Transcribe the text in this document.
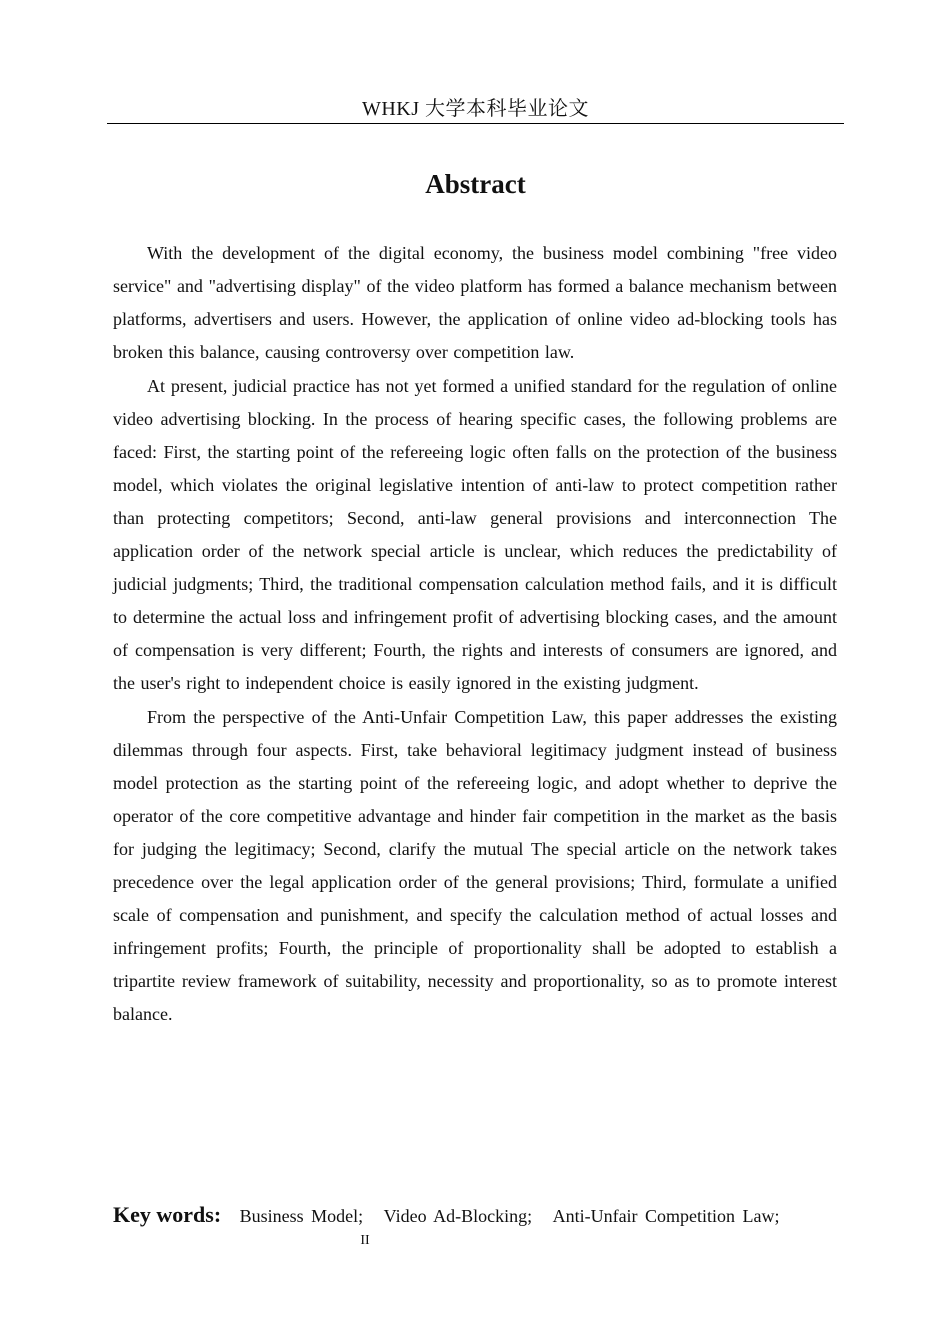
WHKJ 大学本科毕业论文
Abstract

With the development of the digital economy, the business model combining "free video service" and "advertising display" of the video platform has formed a balance mechanism between platforms, advertisers and users. However, the application of online video ad-blocking tools has broken this balance, causing controversy over competition law.

At present, judicial practice has not yet formed a unified standard for the regulation of online video advertising blocking. In the process of hearing specific cases, the following problems are faced: First, the starting point of the refereeing logic often falls on the protection of the business model, which violates the original legislative intention of anti-law to protect competition rather than protecting competitors; Second, anti-law general provisions and interconnection The application order of the network special article is unclear, which reduces the predictability of judicial judgments; Third, the traditional compensation calculation method fails, and it is difficult to determine the actual loss and infringement profit of advertising blocking cases, and the amount of compensation is very different; Fourth, the rights and interests of consumers are ignored, and the user's right to independent choice is easily ignored in the existing judgment.

From the perspective of the Anti-Unfair Competition Law, this paper addresses the existing dilemmas through four aspects. First, take behavioral legitimacy judgment instead of business model protection as the starting point of the refereeing logic, and adopt whether to deprive the operator of the core competitive advantage and hinder fair competition in the market as the basis for judging the legitimacy; Second, clarify the mutual The special article on the network takes precedence over the legal application order of the general provisions; Third, formulate a unified scale of compensation and punishment, and specify the calculation method of actual losses and infringement profits; Fourth, the principle of proportionality shall be adopted to establish a tripartite review framework of suitability, necessity and proportionality, so as to promote interest balance.

Key words: Business Model; Video Ad-Blocking; Anti-Unfair Competition Law;
II
